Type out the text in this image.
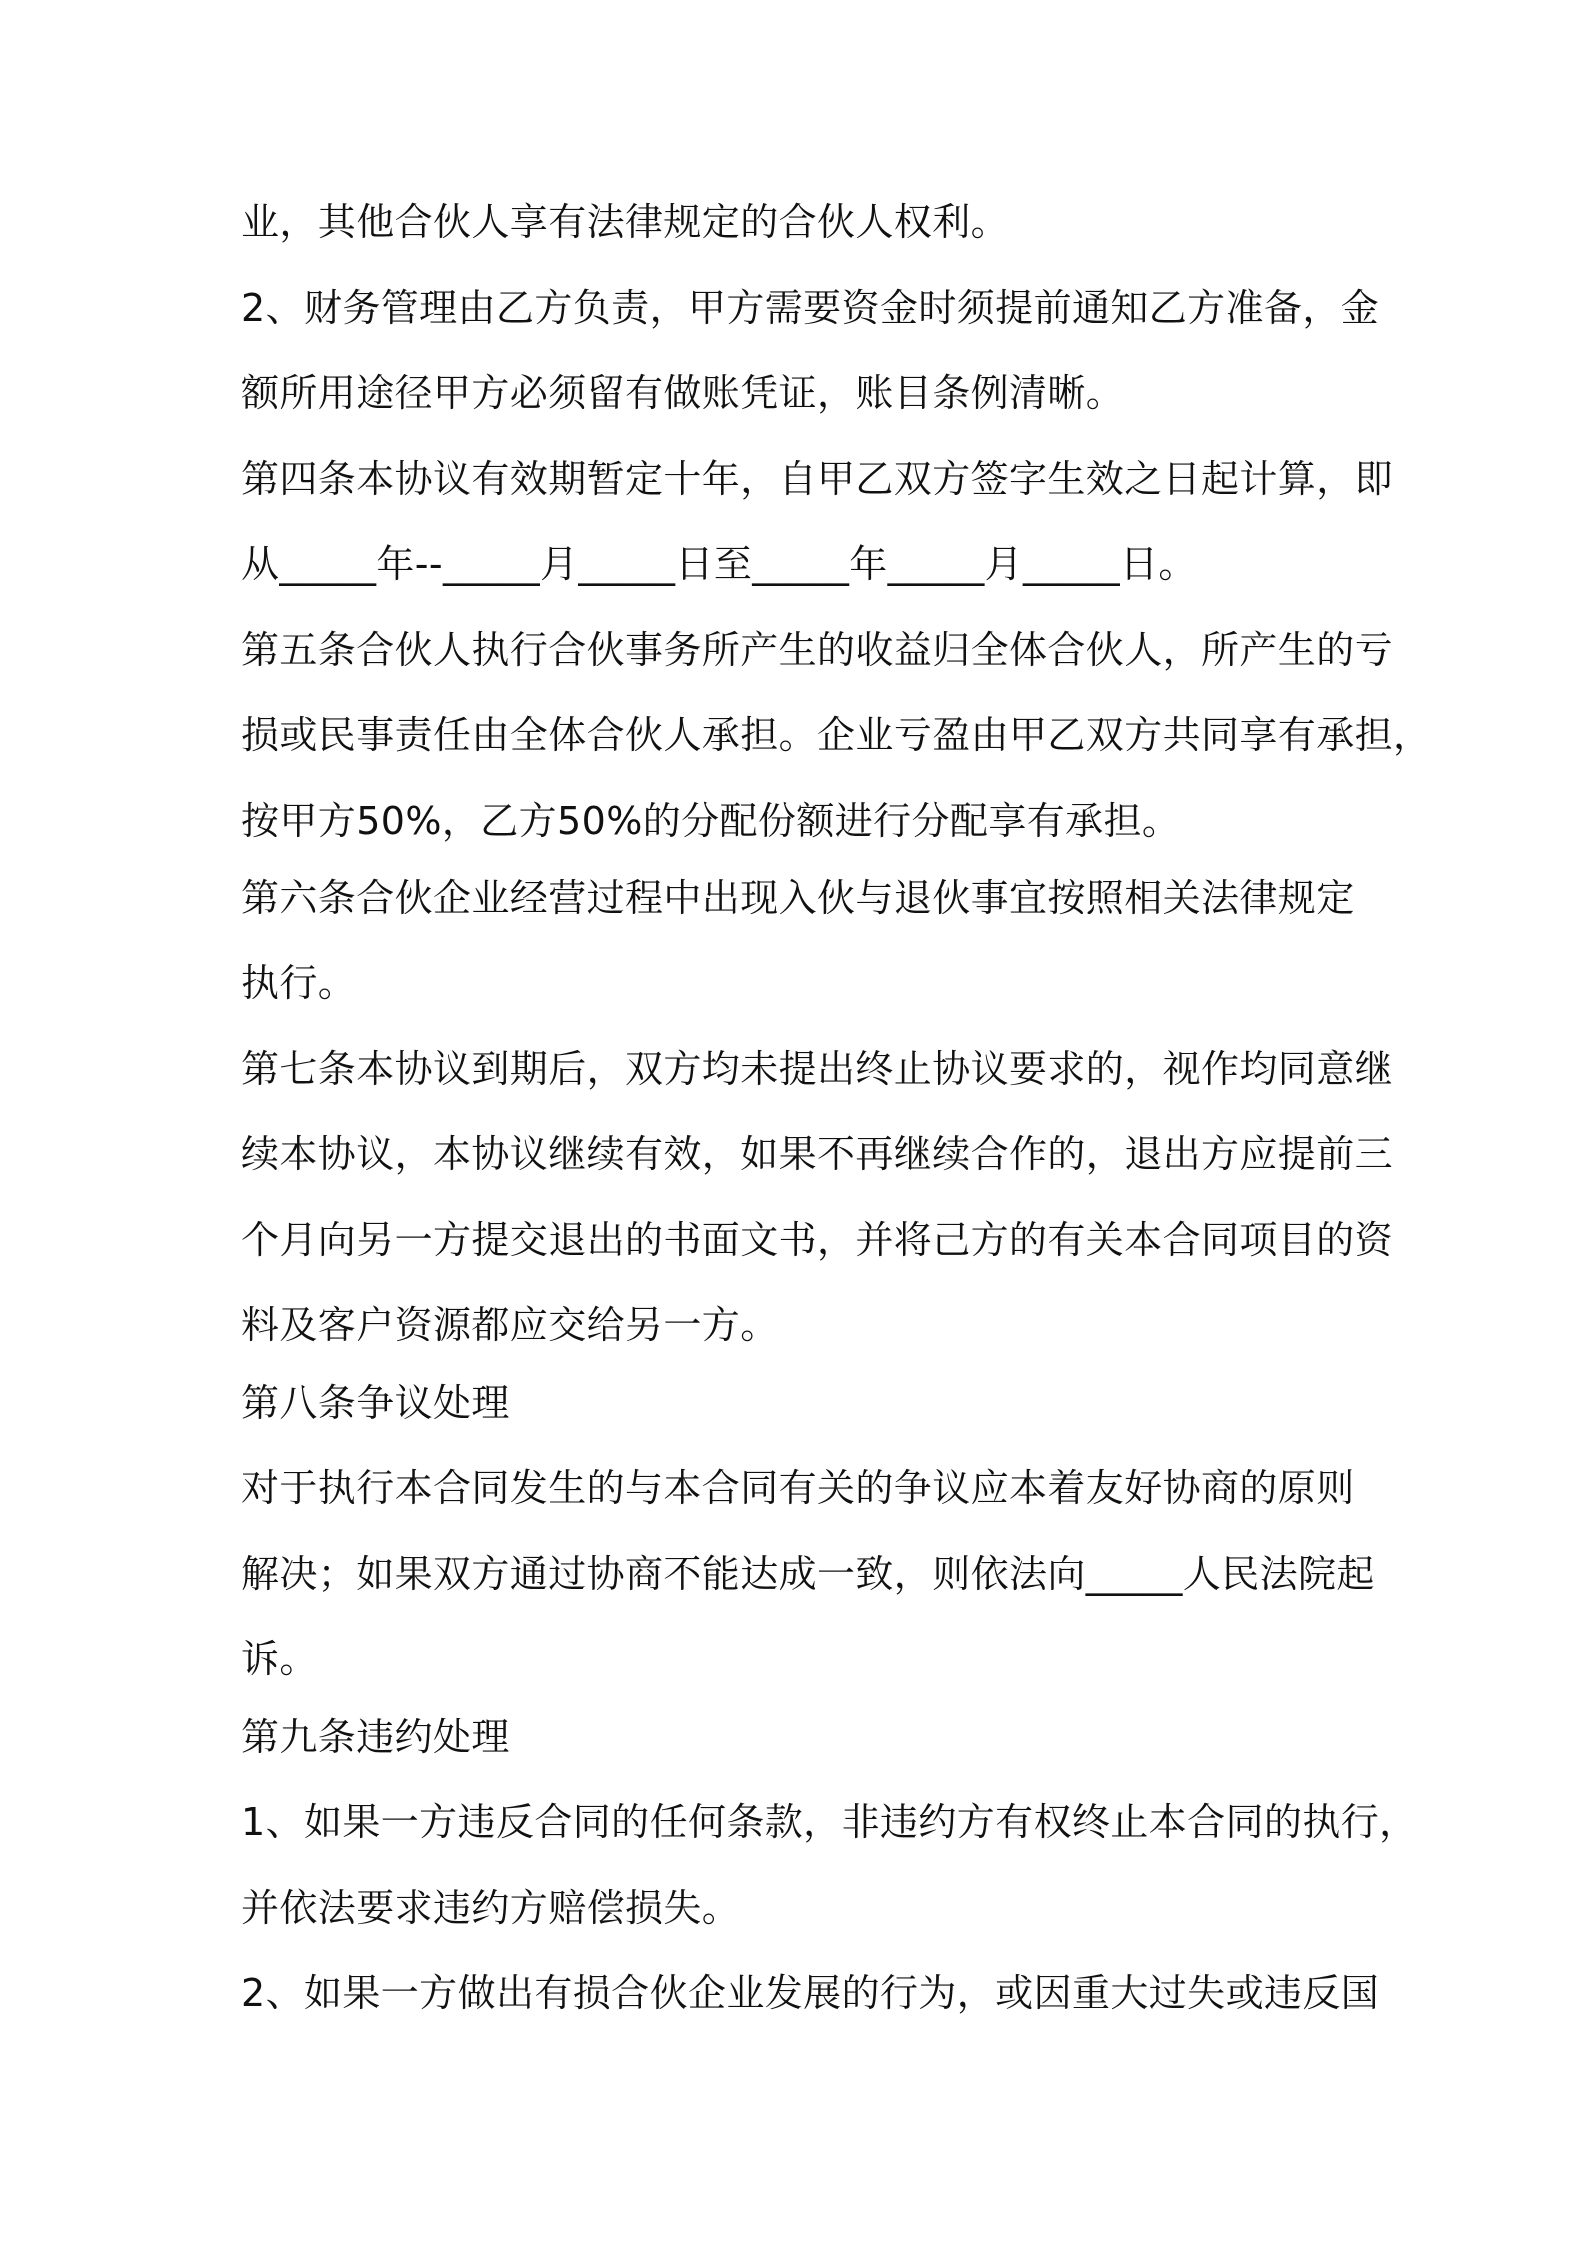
业，其他合伙人享有法律规定的合伙人权利。

2、财务管理由乙方负责，甲方需要资金时须提前通知乙方准备，金

额所用途径甲方必须留有做账凭证，账目条例清晰。

第四条本协议有效期暂定十年，自甲乙双方签字生效之日起计算，即

从_____年--_____月_____日至_____年_____月_____日。

第五条合伙人执行合伙事务所产生的收益归全体合伙人，所产生的亏

损或民事责任由全体合伙人承担。企业亏盈由甲乙双方共同享有承担，

按甲方50%，乙方50%的分配份额进行分配享有承担。

第六条合伙企业经营过程中出现入伙与退伙事宜按照相关法律规定

执行。

第七条本协议到期后，双方均未提出终止协议要求的，视作均同意继

续本协议，本协议继续有效，如果不再继续合作的，退出方应提前三

个月向另一方提交退出的书面文书，并将己方的有关本合同项目的资

料及客户资源都应交给另一方。

第八条争议处理

对于执行本合同发生的与本合同有关的争议应本着友好协商的原则

解决；如果双方通过协商不能达成一致，则依法向_____人民法院起

诉。

第九条违约处理

1、如果一方违反合同的任何条款，非违约方有权终止本合同的执行，

并依法要求违约方赔偿损失。

2、如果一方做出有损合伙企业发展的行为，或因重大过失或违反国
